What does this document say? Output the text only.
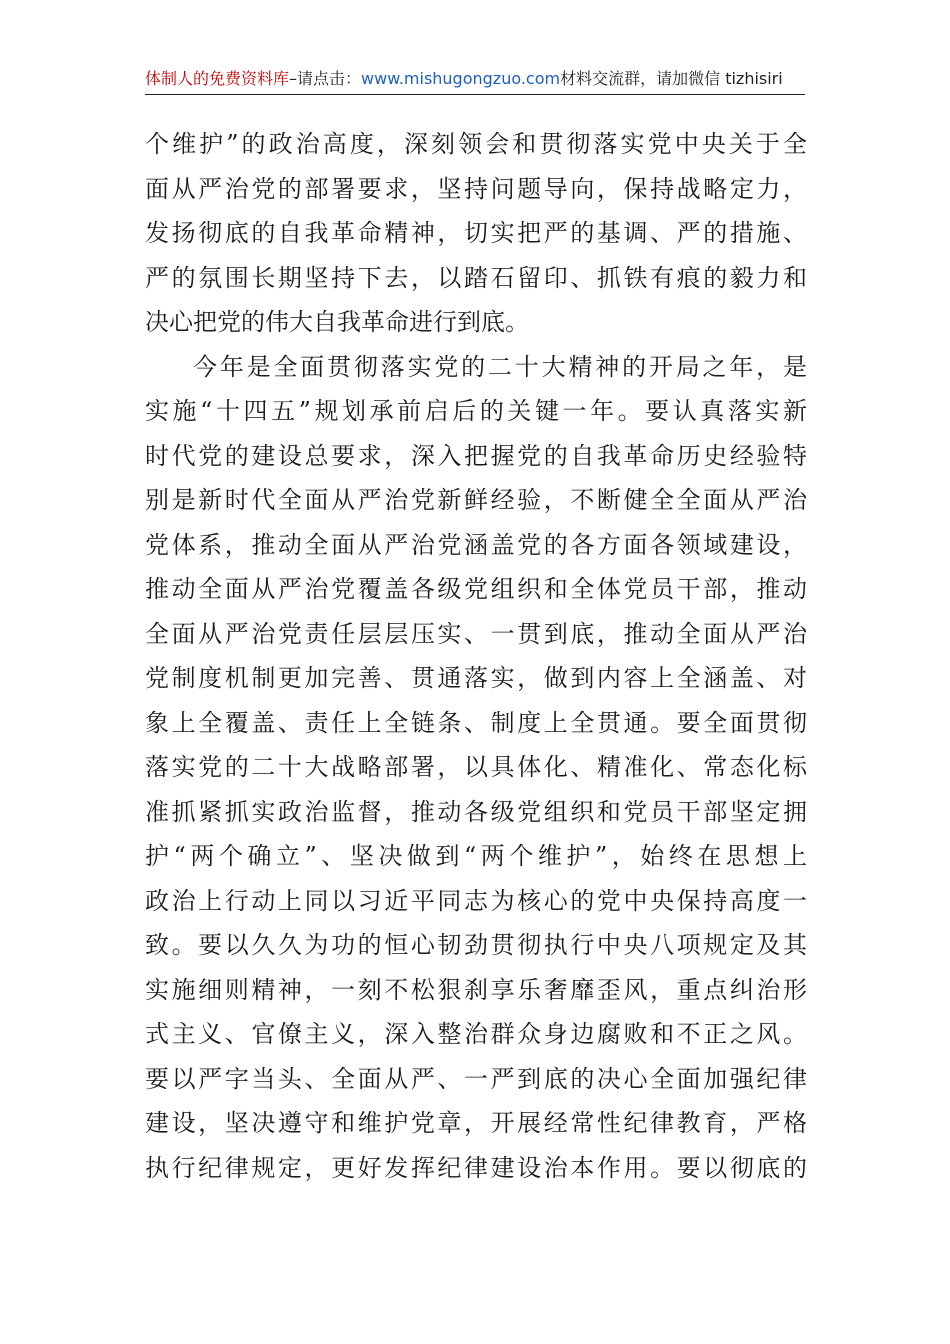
体制人的免费资料库–请点击：www.mishugongzuo.com材料交流群，请加微信 tizhisiri
个维护”的政治高度，深刻领会和贯彻落实党中央关于全
面从严治党的部署要求，坚持问题导向，保持战略定力，
发扬彻底的自我革命精神，切实把严的基调、严的措施、
严的氛围长期坚持下去，以踏石留印、抓铁有痕的毅力和
决心把党的伟大自我革命进行到底。
今年是全面贯彻落实党的二十大精神的开局之年，是
实施“十四五”规划承前启后的关键一年。要认真落实新
时代党的建设总要求，深入把握党的自我革命历史经验特
别是新时代全面从严治党新鲜经验，不断健全全面从严治
党体系，推动全面从严治党涵盖党的各方面各领域建设，
推动全面从严治党覆盖各级党组织和全体党员干部，推动
全面从严治党责任层层压实、一贯到底，推动全面从严治
党制度机制更加完善、贯通落实，做到内容上全涵盖、对
象上全覆盖、责任上全链条、制度上全贯通。要全面贯彻
落实党的二十大战略部署，以具体化、精准化、常态化标
准抓紧抓实政治监督，推动各级党组织和党员干部坚定拥
护“两个确立”、坚决做到“两个维护”，始终在思想上
政治上行动上同以习近平同志为核心的党中央保持高度一
致。要以久久为功的恒心韧劲贯彻执行中央八项规定及其
实施细则精神，一刻不松狠刹享乐奢靡歪风，重点纠治形
式主义、官僚主义，深入整治群众身边腐败和不正之风。
要以严字当头、全面从严、一严到底的决心全面加强纪律
建设，坚决遵守和维护党章，开展经常性纪律教育，严格
执行纪律规定，更好发挥纪律建设治本作用。要以彻底的
